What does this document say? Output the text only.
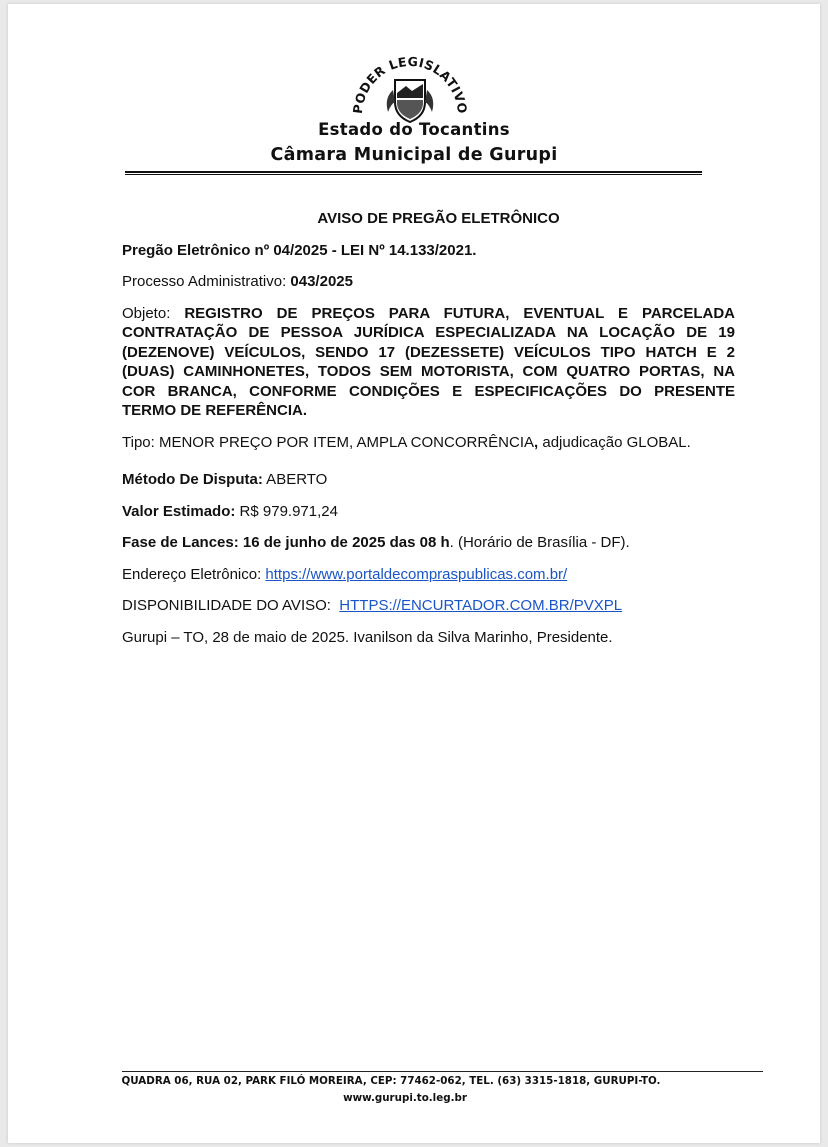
PODER LEGISLATIVO
Estado do Tocantins
Câmara Municipal de Gurupi
AVISO DE PREGÃO ELETRÔNICO
Pregão Eletrônico nº 04/2025 - LEI Nº 14.133/2021.
Processo Administrativo: 043/2025
Objeto: REGISTRO DE PREÇOS PARA FUTURA, EVENTUAL E PARCELADA CONTRATAÇÃO DE PESSOA JURÍDICA ESPECIALIZADA NA LOCAÇÃO DE 19 (DEZENOVE) VEÍCULOS, SENDO 17 (DEZESSETE) VEÍCULOS TIPO HATCH E 2 (DUAS) CAMINHONETES, TODOS SEM MOTORISTA, COM QUATRO PORTAS, NA COR BRANCA, CONFORME CONDIÇÕES E ESPECIFICAÇÕES DO PRESENTE TERMO DE REFERÊNCIA.
Tipo: MENOR PREÇO POR ITEM, AMPLA CONCORRÊNCIA, adjudicação GLOBAL.
Método De Disputa: ABERTO
Valor Estimado: R$ 979.971,24
Fase de Lances: 16 de junho de 2025 das 08 h. (Horário de Brasília - DF).
Endereço Eletrônico: https://www.portaldecompraspublicas.com.br/
DISPONIBILIDADE DO AVISO:  HTTPS://ENCURTADOR.COM.BR/PVXPL
Gurupi – TO, 28 de maio de 2025. Ivanilson da Silva Marinho, Presidente.
QUADRA 06, RUA 02, PARK FILÓ MOREIRA, CEP: 77462-062, TEL. (63) 3315-1818, GURUPI-TO.
www.gurupi.to.leg.br
